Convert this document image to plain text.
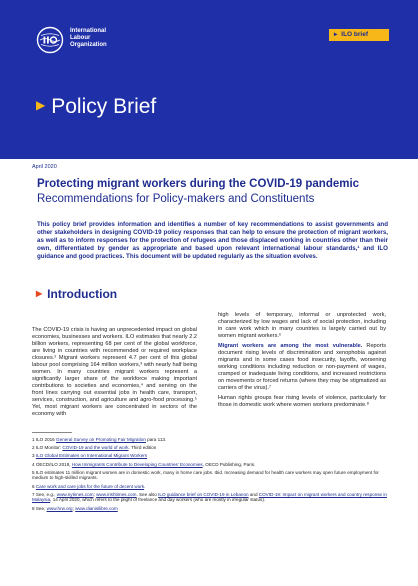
International
Labour
Organization
▸ ILO brief
▶ Policy Brief
April 2020
Protecting migrant workers during the COVID-19 pandemic
Recommendations for Policy-makers and Constituents
This policy brief provides information and identifies a number of key recommendations to assist governments and other stakeholders in designing COVID-19 policy responses that can help to ensure the protection of migrant workers, as well as to inform responses for the protection of refugees and those displaced working in countries other than their own, differentiated by gender as appropriate and based upon relevant international labour standards,¹ and ILO guidance and good practices. This document will be updated regularly as the situation evolves.
▶ Introduction

The COVID-19 crisis is having an unprecedented impact on global economies, businesses and workers. ILO estimates that nearly 2.2 billion workers, representing 68 per cent of the global workforce, are living in countries with recommended or required workplace closures.² Migrant workers represent 4.7 per cent of this global labour pool comprising 164 million workers,³ with nearly half being women. In many countries migrant workers represent a significantly larger share of the workforce making important contributions to societies and economies,⁴ and serving on the front lines carrying out essential jobs in health care, transport, services, construction, and agriculture and agro-food processing.⁵ Yet, most migrant workers are concentrated in sectors of the economy with

high levels of temporary, informal or unprotected work, characterized by low wages and lack of social protection, including in care work which in many countries is largely carried out by women migrant workers.⁶

Migrant workers are among the most vulnerable. Reports document rising levels of discrimination and xenophobia against migrants and in some cases food insecurity, layoffs, worsening working conditions including reduction or non-payment of wages, cramped or inadequate living conditions, and increased restrictions on movements or forced returns (where they may be stigmatized as carriers of the virus).⁷

Human rights groups fear rising levels of violence, particularly for those in domestic work where women workers predominate.⁸

1 ILO 2016 General Survey on Promoting Fair Migration para 113.
2 ILO Monitor: COVID-19 and the world of work. Third edition
3 ILO Global Estimates on International Migrant Workers
4 OECD/ILO 2018, How Immigrants Contribute to Developing Countries' Economies, OECD Publishing, Paris.
5 ILO estimates 11 million migrant women are in domestic work, many in home care jobs. Ibid. Increasing demand for health care workers may open future employment for medium to high-skilled migrants.
6 Care work and care jobs for the future of decent work.
7 See, e.g., www.nytimes.com; www.irishtimes.com. See also ILO guidance brief on COVID-19 in Lebanon and COVID-19: Impact on migrant workers and country response in Malaysia, 14 April 2020, which refers to the plight of freelance and day workers (who are mostly in irregular status).
8 See, www.hrw.org; www.dianisilibre.com
